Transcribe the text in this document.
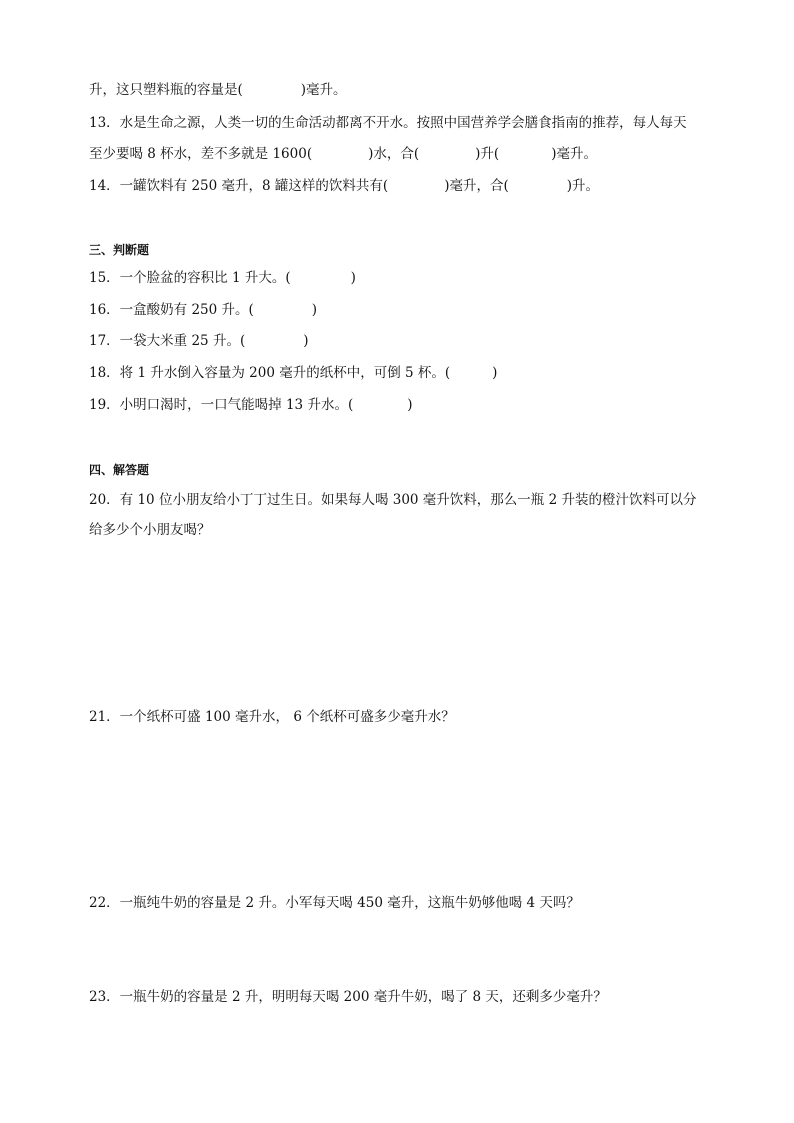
升，这只塑料瓶的容量是(	)毫升。
13．水是生命之源，人类一切的生命活动都离不开水。按照中国营养学会膳食指南的推荐，每人每天
至少要喝 8 杯水，差不多就是 1600(	)水，合(	)升(	)毫升。
14．一罐饮料有 250 毫升，8 罐这样的饮料共有(	)毫升，合(	)升。
三、判断题
15．一个脸盆的容积比 1 升大。(	)
16．一盒酸奶有 250 升。(	)
17．一袋大米重 25 升。(	)
18．将 1 升水倒入容量为 200 毫升的纸杯中，可倒 5 杯。(	)
19．小明口渴时，一口气能喝掉 13 升水。(	)
四、解答题
20．有 10 位小朋友给小丁丁过生日。如果每人喝 300 毫升饮料，那么一瓶 2 升装的橙汁饮料可以分
给多少个小朋友喝？
21．一个纸杯可盛 100 毫升水， 6 个纸杯可盛多少毫升水？
22．一瓶纯牛奶的容量是 2 升。小军每天喝 450 毫升，这瓶牛奶够他喝 4 天吗？
23．一瓶牛奶的容量是 2 升，明明每天喝 200 毫升牛奶，喝了 8 天，还剩多少毫升？
